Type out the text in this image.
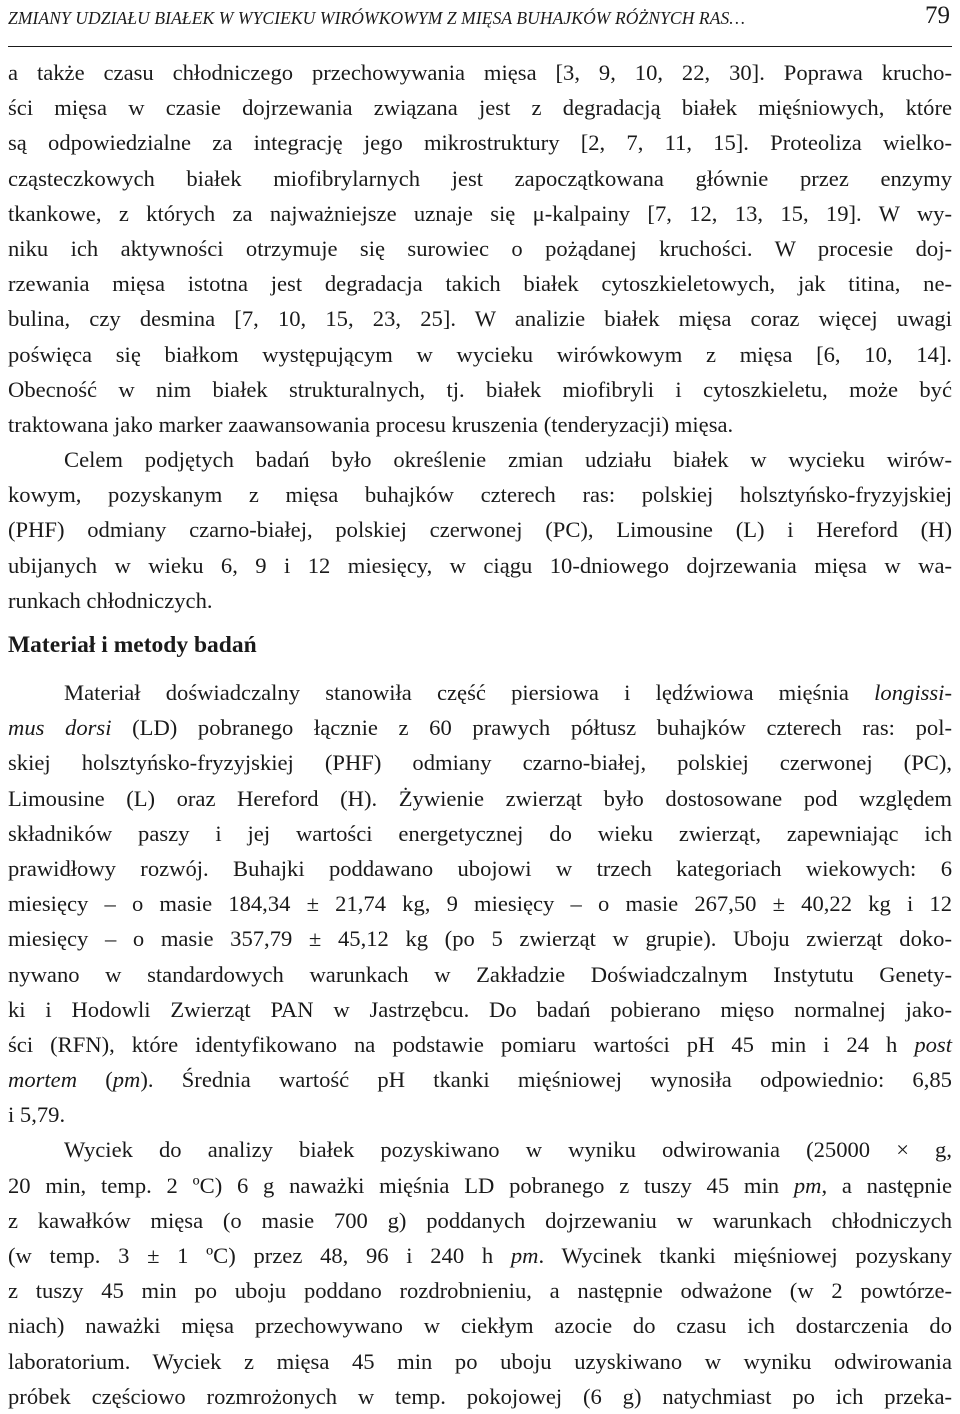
ZMIANY UDZIAŁU BIAŁEK W WYCIEKU WIRÓWKOWYM Z MIĘSA BUHAJKÓW RÓŻNYCH RAS…	79

a także czasu chłodniczego przechowywania mięsa [3, 9, 10, 22, 30]. Poprawa krucho-
ści mięsa w czasie dojrzewania związana jest z degradacją białek mięśniowych, które
są odpowiedzialne za integrację jego mikrostruktury [2, 7, 11, 15]. Proteoliza wielko-
cząsteczkowych białek miofibrylarnych jest zapoczątkowana głównie przez enzymy
tkankowe, z których za najważniejsze uznaje się μ-kalpainy [7, 12, 13, 15, 19]. W wy-
niku ich aktywności otrzymuje się surowiec o pożądanej kruchości. W procesie doj-
rzewania mięsa istotna jest degradacja takich białek cytoszkieletowych, jak titina, ne-
bulina, czy desmina [7, 10, 15, 23, 25]. W analizie białek mięsa coraz więcej uwagi
poświęca się białkom występującym w wycieku wirówkowym z mięsa [6, 10, 14].
Obecność w nim białek strukturalnych, tj. białek miofibryli i cytoszkieletu, może być
traktowana jako marker zaawansowania procesu kruszenia (tenderyzacji) mięsa.

Celem podjętych badań było określenie zmian udziału białek w wycieku wirów-
kowym, pozyskanym z mięsa buhajków czterech ras: polskiej holsztyńsko-fryzyjskiej
(PHF) odmiany czarno-białej, polskiej czerwonej (PC), Limousine (L) i Hereford (H)
ubijanych w wieku 6, 9 i 12 miesięcy, w ciągu 10-dniowego dojrzewania mięsa w wa-
runkach chłodniczych.

Materiał i metody badań

Materiał doświadczalny stanowiła część piersiowa i lędźwiowa mięśnia longissi-
mus dorsi (LD) pobranego łącznie z 60 prawych półtusz buhajków czterech ras: pol-
skiej holsztyńsko-fryzyjskiej (PHF) odmiany czarno-białej, polskiej czerwonej (PC),
Limousine (L) oraz Hereford (H). Żywienie zwierząt było dostosowane pod względem
składników paszy i jej wartości energetycznej do wieku zwierząt, zapewniając ich
prawidłowy rozwój. Buhajki poddawano ubojowi w trzech kategoriach wiekowych: 6
miesięcy – o masie 184,34 ± 21,74 kg, 9 miesięcy – o masie 267,50 ± 40,22 kg i 12
miesięcy – o masie 357,79 ± 45,12 kg (po 5 zwierząt w grupie). Uboju zwierząt doko-
nywano w standardowych warunkach w Zakładzie Doświadczalnym Instytutu Genety-
ki i Hodowli Zwierząt PAN w Jastrzębcu. Do badań pobierano mięso normalnej jako-
ści (RFN), które identyfikowano na podstawie pomiaru wartości pH 45 min i 24 h post
mortem (pm). Średnia wartość pH tkanki mięśniowej wynosiła odpowiednio: 6,85
i 5,79.

Wyciek do analizy białek pozyskiwano w wyniku odwirowania (25000 × g,
20 min, temp. 2 ºC) 6 g naważki mięśnia LD pobranego z tuszy 45 min pm, a następnie
z kawałków mięsa (o masie 700 g) poddanych dojrzewaniu w warunkach chłodniczych
(w temp. 3 ± 1 ºC) przez 48, 96 i 240 h pm. Wycinek tkanki mięśniowej pozyskany
z tuszy 45 min po uboju poddano rozdrobnieniu, a następnie odważone (w 2 powtórze-
niach) naważki mięsa przechowywano w ciekłym azocie do czasu ich dostarczenia do
laboratorium. Wyciek z mięsa 45 min po uboju uzyskiwano w wyniku odwirowania
próbek częściowo rozmrożonych w temp. pokojowej (6 g) natychmiast po ich przeka-
